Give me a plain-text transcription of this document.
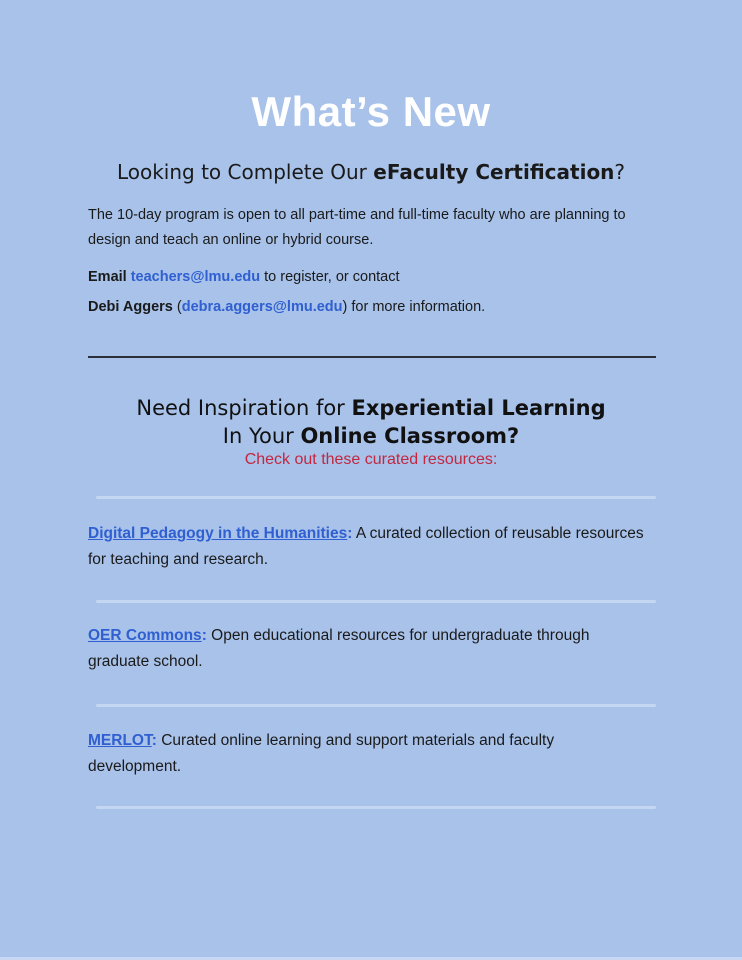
What’s New
Looking to Complete Our eFaculty Certification?
The 10-day program is open to all part-time and full-time faculty who are planning to design and teach an online or hybrid course.
Email teachers@lmu.edu to register, or contact
Debi Aggers (debra.aggers@lmu.edu) for more information.
Need Inspiration for Experiential Learning
In Your Online Classroom?
Check out these curated resources:
Digital Pedagogy in the Humanities: A curated collection of reusable resources for teaching and research.
OER Commons: Open educational resources for undergraduate through graduate school.
MERLOT: Curated online learning and support materials and faculty development.
